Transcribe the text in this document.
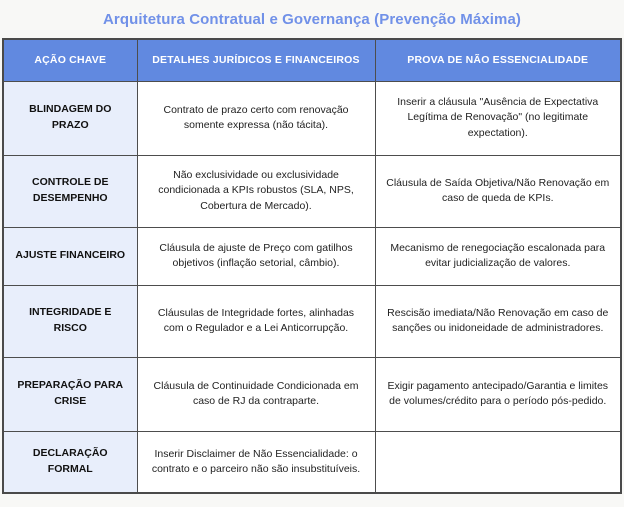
Arquitetura Contratual e Governança (Prevenção Máxima)
AÇÃO CHAVE	DETALHES JURÍDICOS E FINANCEIROS	PROVA DE NÃO ESSENCIALIDADE
BLINDAGEM DO PRAZO	Contrato de prazo certo com renovação somente expressa (não tácita).	Inserir a cláusula "Ausência de Expectativa Legítima de Renovação" (no legitimate expectation).
CONTROLE DE DESEMPENHO	Não exclusividade ou exclusividade condicionada a KPIs robustos (SLA, NPS, Cobertura de Mercado).	Cláusula de Saída Objetiva/Não Renovação em caso de queda de KPIs.
AJUSTE FINANCEIRO	Cláusula de ajuste de Preço com gatilhos objetivos (inflação setorial, câmbio).	Mecanismo de renegociação escalonada para evitar judicialização de valores.
INTEGRIDADE E RISCO	Cláusulas de Integridade fortes, alinhadas com o Regulador e a Lei Anticorrupção.	Rescisão imediata/Não Renovação em caso de sanções ou inidoneidade de administradores.
PREPARAÇÃO PARA CRISE	Cláusula de Continuidade Condicionada em caso de RJ da contraparte.	Exigir pagamento antecipado/Garantia e limites de volumes/crédito para o período pós-pedido.
DECLARAÇÃO FORMAL	Inserir Disclaimer de Não Essencialidade: o contrato e o parceiro não são insubstituíveis.	
